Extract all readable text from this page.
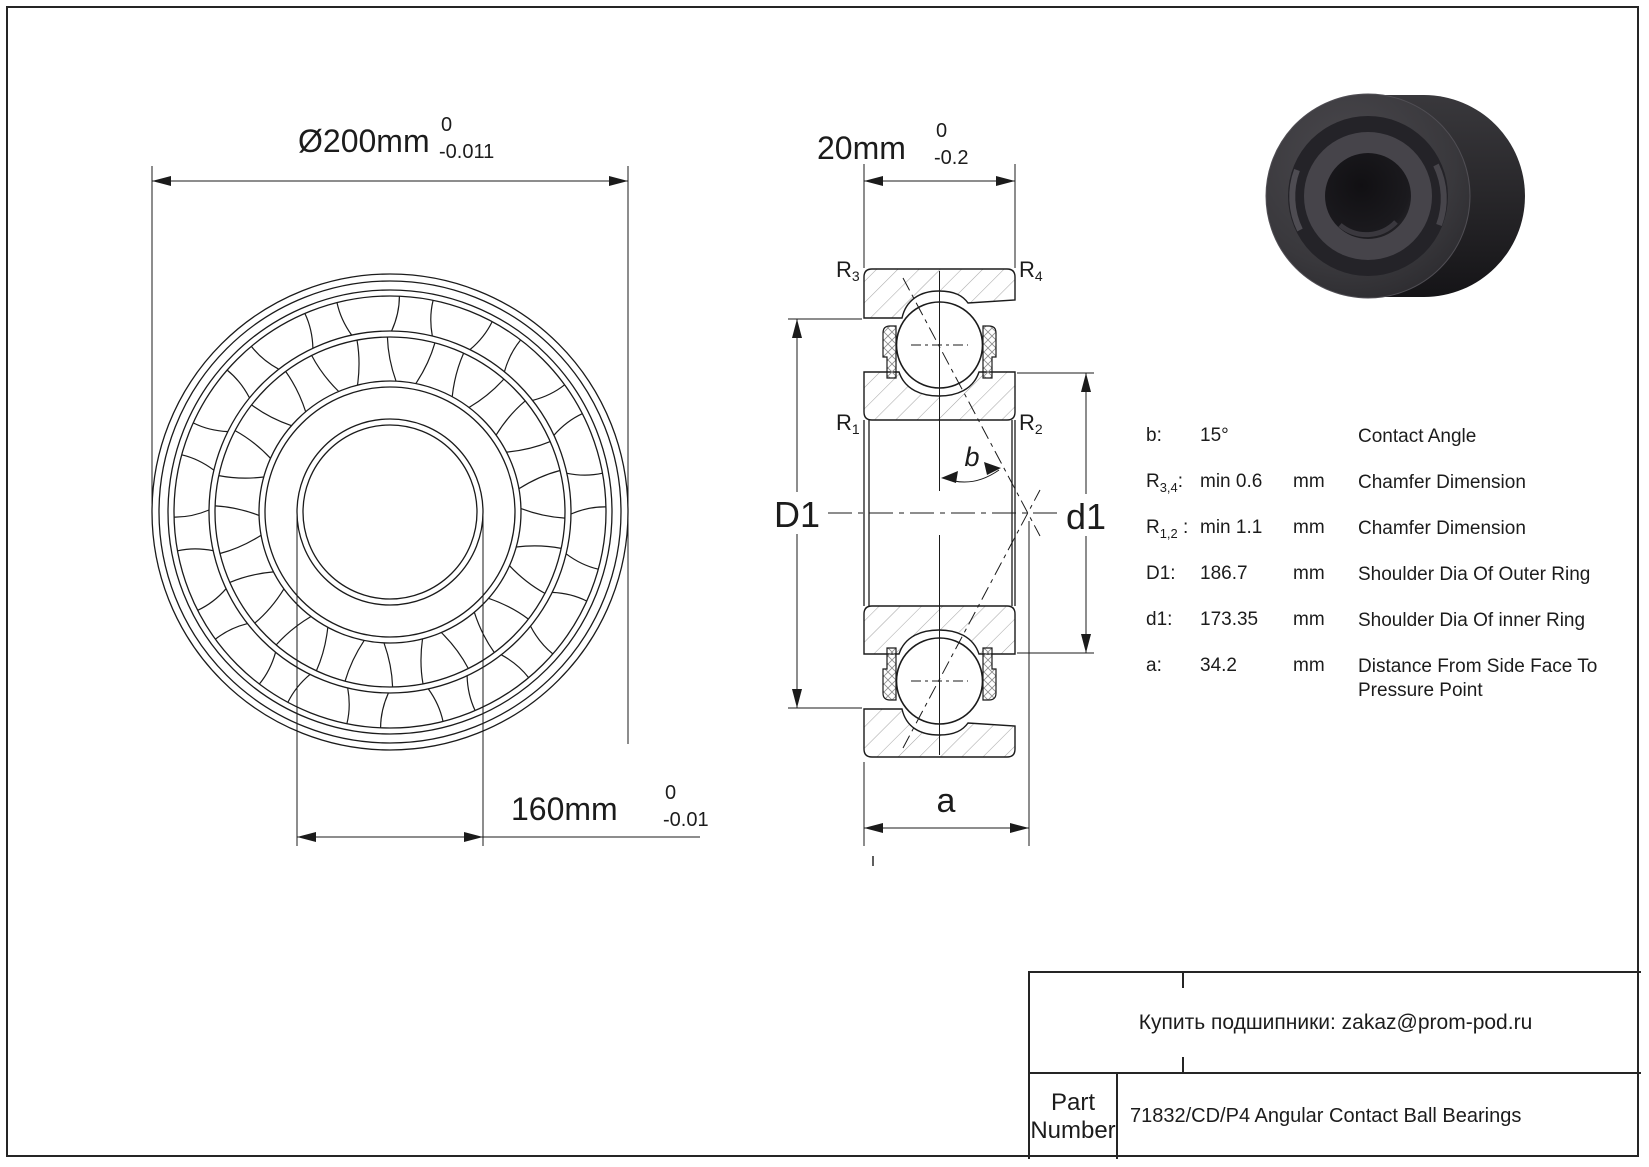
Ø200mm 0
-0.011
160mm 0
-0.01
20mm 0
-0.2
R3	R4
R1	R2
D1	d1
b
a
b: 15°	Contact Angle
$R_{3,4}$: min 0.6 mm Chamfer Dimension
$R_{1,2}$ : min 1.1 mm Chamfer Dimension
D1: 186.7 mm Shoulder Dia Of Outer Ring
d1: 173.35 mm Shoulder Dia Of inner Ring
a: 34.2	mm Distance From Side Face To Pressure Point
Купить подшипники: zakaz@prom-pod.ru
Part Number
71832/CD/P4 Angular Contact Ball Bearings
